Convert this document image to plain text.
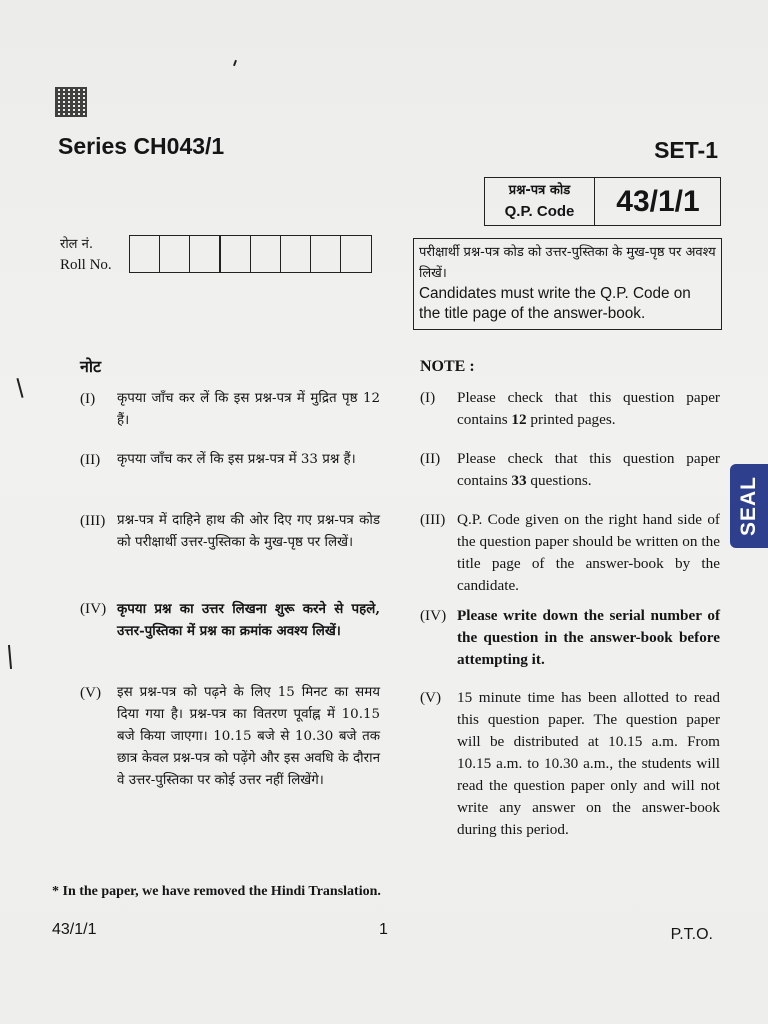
Series CH043/1	SET-1
प्रश्न-पत्र कोड
Q.P. Code	43/1/1
रोल नं.
Roll No.
परीक्षार्थी प्रश्न-पत्र कोड को उत्तर-पुस्तिका के मुख-पृष्ठ पर अवश्य लिखें।
Candidates must write the Q.P. Code on the title page of the answer-book.
नोट
(I) कृपया जाँच कर लें कि इस प्रश्न-पत्र में मुद्रित पृष्ठ 12 हैं।
(II) कृपया जाँच कर लें कि इस प्रश्न-पत्र में 33 प्रश्न हैं।
(III) प्रश्न-पत्र में दाहिने हाथ की ओर दिए गए प्रश्न-पत्र कोड को परीक्षार्थी उत्तर-पुस्तिका के मुख-पृष्ठ पर लिखें।
(IV) कृपया प्रश्न का उत्तर लिखना शुरू करने से पहले, उत्तर-पुस्तिका में प्रश्न का क्रमांक अवश्य लिखें।
(V) इस प्रश्न-पत्र को पढ़ने के लिए 15 मिनट का समय दिया गया है। प्रश्न-पत्र का वितरण पूर्वाह्न में 10.15 बजे किया जाएगा। 10.15 बजे से 10.30 बजे तक छात्र केवल प्रश्न-पत्र को पढ़ेंगे और इस अवधि के दौरान वे उत्तर-पुस्तिका पर कोई उत्तर नहीं लिखेंगे।
NOTE :
(I) Please check that this question paper contains 12 printed pages.
(II) Please check that this question paper contains 33 questions.
(III) Q.P. Code given on the right hand side of the question paper should be written on the title page of the answer-book by the candidate.
(IV) Please write down the serial number of the question in the answer-book before attempting it.
(V) 15 minute time has been allotted to read this question paper. The question paper will be distributed at 10.15 a.m. From 10.15 a.m. to 10.30 a.m., the students will read the question paper only and will not write any answer on the answer-book during this period.
SEAL
* In the paper, we have removed the Hindi Translation.
43/1/1	1	P.T.O.
